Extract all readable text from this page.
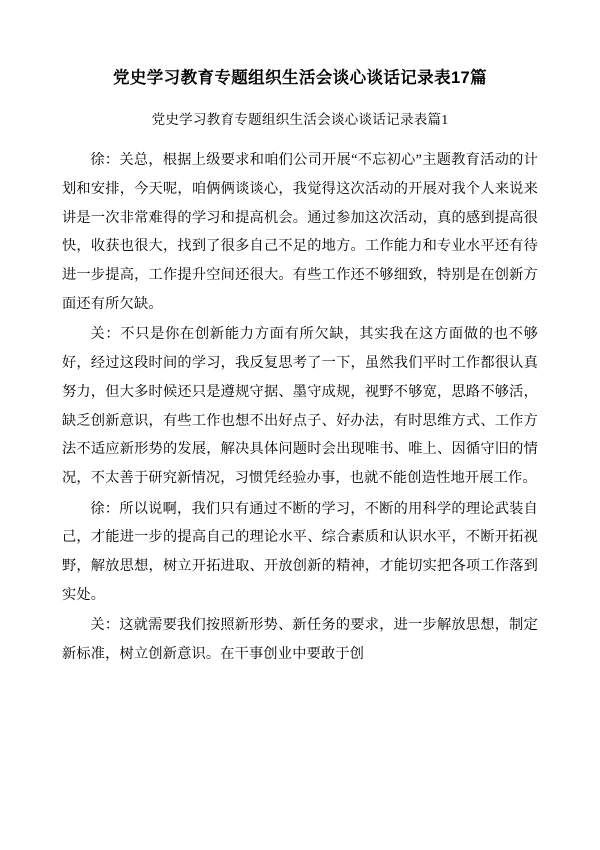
党史学习教育专题组织生活会谈心谈话记录表17篇
党史学习教育专题组织生活会谈心谈话记录表篇1

徐：关总，根据上级要求和咱们公司开展“不忘初心”主题教育活动的计划和安排，今天呢，咱俩俩谈谈心，我觉得这次活动的开展对我个人来说来讲是一次非常难得的学习和提高机会。通过参加这次活动，真的感到提高很快，收获也很大，找到了很多自己不足的地方。工作能力和专业水平还有待进一步提高，工作提升空间还很大。有些工作还不够细致，特别是在创新方面还有所欠缺。

关：不只是你在创新能力方面有所欠缺，其实我在这方面做的也不够好，经过这段时间的学习，我反复思考了一下，虽然我们平时工作都很认真努力，但大多时候还只是遵规守据、墨守成规，视野不够宽，思路不够活，缺乏创新意识，有些工作也想不出好点子、好办法，有时思维方式、工作方法不适应新形势的发展，解决具体问题时会出现唯书、唯上、因循守旧的情况，不太善于研究新情况，习惯凭经验办事，也就不能创造性地开展工作。

徐：所以说啊，我们只有通过不断的学习，不断的用科学的理论武装自己，才能进一步的提高自己的理论水平、综合素质和认识水平，不断开拓视野，解放思想，树立开拓进取、开放创新的精神，才能切实把各项工作落到实处。

关：这就需要我们按照新形势、新任务的要求，进一步解放思想，制定新标准，树立创新意识。在干事创业中要敢于创
